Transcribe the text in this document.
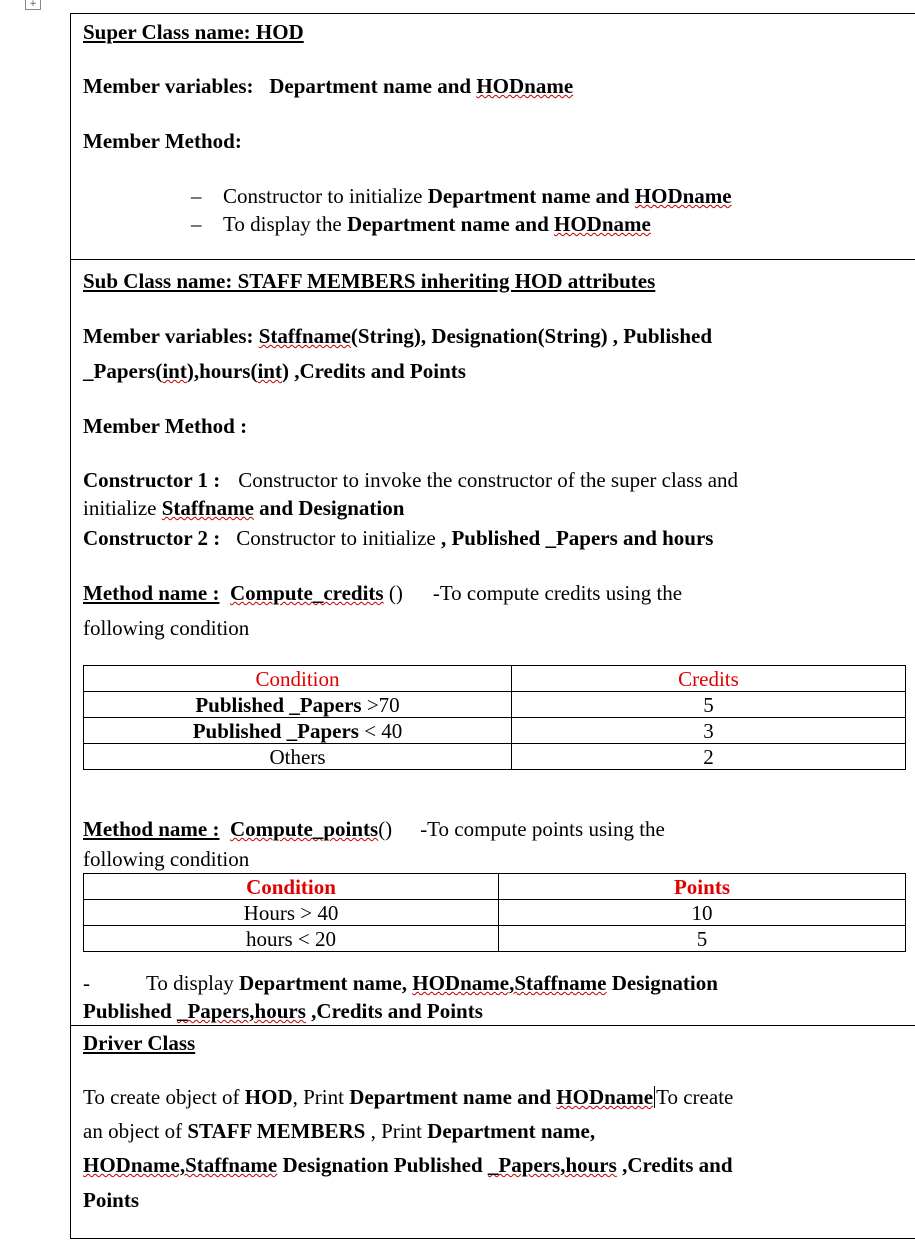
+
Super Class name: HOD
Member variables: Department name and HODname
Member Method:
– Constructor to initialize Department name and HODname
– To display the Department name and HODname
Sub Class name: STAFF MEMBERS inheriting HOD attributes
Member variables: Staffname(String), Designation(String) , Published
_Papers(int),hours(int) ,Credits and Points
Member Method :
Constructor 1 : Constructor to invoke the constructor of the super class and
initialize Staffname and Designation
Constructor 2 : Constructor to initialize , Published _Papers and hours
Method name : Compute_credits () -To compute credits using the
following condition
Condition	Credits
Published _Papers >70	5
Published _Papers < 40	3
Others	2
Method name : Compute_points() -To compute points using the
following condition
Condition	Points
Hours > 40	10
hours < 20	5
-	To display Department name, HODname,Staffname Designation
Published _Papers,hours ,Credits and Points
Driver Class
To create object of HOD, Print Department name and HODname To create
an object of STAFF MEMBERS , Print Department name,
HODname,Staffname Designation Published _Papers,hours ,Credits and
Points
